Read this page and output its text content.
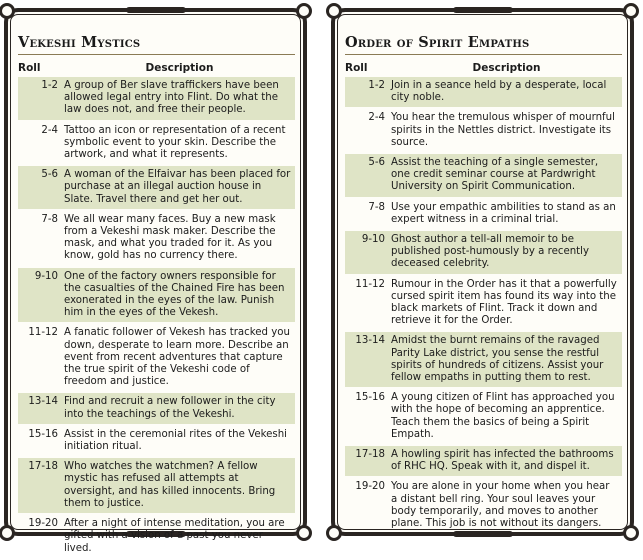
Vekeshi Mystics
Roll	Description
1-2 A group of Ber slave traffickers have been allowed legal entry into Flint. Do what the law does not, and free their people.
2-4 Tattoo an icon or representation of a recent symbolic event to your skin. Describe the artwork, and what it represents.
5-6 A woman of the Elfaivar has been placed for purchase at an illegal auction house in Slate. Travel there and get her out.
7-8 We all wear many faces. Buy a new mask from a Vekeshi mask maker. Describe the mask, and what you traded for it. As you know, gold has no currency there.
9-10 One of the factory owners responsible for the casualties of the Chained Fire has been exonerated in the eyes of the law. Punish him in the eyes of the Vekesh.
11-12 A fanatic follower of Vekesh has tracked you down, desperate to learn more. Describe an event from recent adventures that capture the true spirit of the Vekeshi code of freedom and justice.
13-14 Find and recruit a new follower in the city into the teachings of the Vekeshi.
15-16 Assist in the ceremonial rites of the Vekeshi initiation ritual.
17-18 Who watches the watchmen? A fellow mystic has refused all attempts at oversight, and has killed innocents. Bring them to justice.
19-20 After a night of intense meditation, you are gifted with a vision of a past you never lived.
Order of Spirit Empaths
Roll	Description
1-2 Join in a seance held by a desperate, local city noble.
2-4 You hear the tremulous whisper of mournful spirits in the Nettles district. Investigate its source.
5-6 Assist the teaching of a single semester, one credit seminar course at Pardwright University on Spirit Communication.
7-8 Use your empathic ambilities to stand as an expert witness in a criminal trial.
9-10 Ghost author a tell-all memoir to be published post-humously by a recently deceased celebrity.
11-12 Rumour in the Order has it that a powerfully cursed spirit item has found its way into the black markets of Flint. Track it down and retrieve it for the Order.
13-14 Amidst the burnt remains of the ravaged Parity Lake district, you sense the restful spirits of hundreds of citizens. Assist your fellow empaths in putting them to rest.
15-16 A young citizen of Flint has approached you with the hope of becoming an apprentice. Teach them the basics of being a Spirit Empath.
17-18 A howling spirit has infected the bathrooms of RHC HQ. Speak with it, and dispel it.
19-20 You are alone in your home when you hear a distant bell ring. Your soul leaves your body temporarily, and moves to another plane. This job is not without its dangers.
